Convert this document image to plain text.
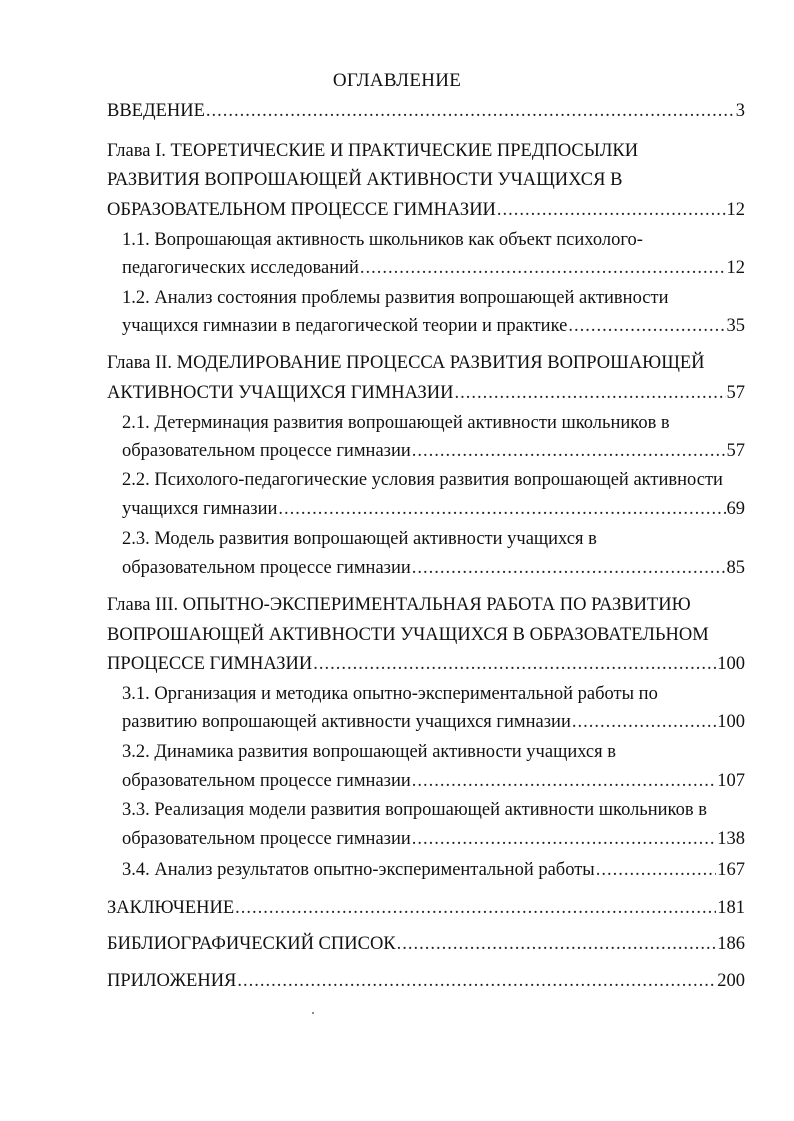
ОГЛАВЛЕНИЕ
ВВЕДЕНИЕ .....	3
Глава I. ТЕОРЕТИЧЕСКИЕ И ПРАКТИЧЕСКИЕ ПРЕДПОСЫЛКИ
РАЗВИТИЯ ВОПРОШАЮЩЕЙ АКТИВНОСТИ УЧАЩИХСЯ В
ОБРАЗОВАТЕЛЬНОМ ПРОЦЕССЕ ГИМНАЗИИ .....	12
1.1. Вопрошающая активность школьников как объект психолого-
педагогических исследований .....	12
1.2. Анализ состояния проблемы развития вопрошающей активности
учащихся гимназии в педагогической теории и практике .....	35
Глава II. МОДЕЛИРОВАНИЕ ПРОЦЕССА РАЗВИТИЯ ВОПРОШАЮЩЕЙ
АКТИВНОСТИ УЧАЩИХСЯ ГИМНАЗИИ .....	57
2.1. Детерминация развития вопрошающей активности школьников в
образовательном процессе гимназии .....	57
2.2. Психолого-педагогические условия развития вопрошающей активности
учащихся гимназии .....	69
2.3. Модель развития вопрошающей активности учащихся в
образовательном процессе гимназии .....	85
Глава III. ОПЫТНО-ЭКСПЕРИМЕНТАЛЬНАЯ РАБОТА ПО РАЗВИТИЮ
ВОПРОШАЮЩЕЙ АКТИВНОСТИ УЧАЩИХСЯ В ОБРАЗОВАТЕЛЬНОМ
ПРОЦЕССЕ ГИМНАЗИИ .....	100
3.1. Организация и методика опытно-экспериментальной работы по
развитию вопрошающей активности учащихся гимназии .....	100
3.2. Динамика развития вопрошающей активности учащихся в
образовательном процессе гимназии .....	107
3.3. Реализация модели развития вопрошающей активности школьников в
образовательном процессе гимназии .....	138
3.4. Анализ результатов опытно-экспериментальной работы .....	167
ЗАКЛЮЧЕНИЕ .....	181
БИБЛИОГРАФИЧЕСКИЙ СПИСОК .....	186
ПРИЛОЖЕНИЯ .....	200
